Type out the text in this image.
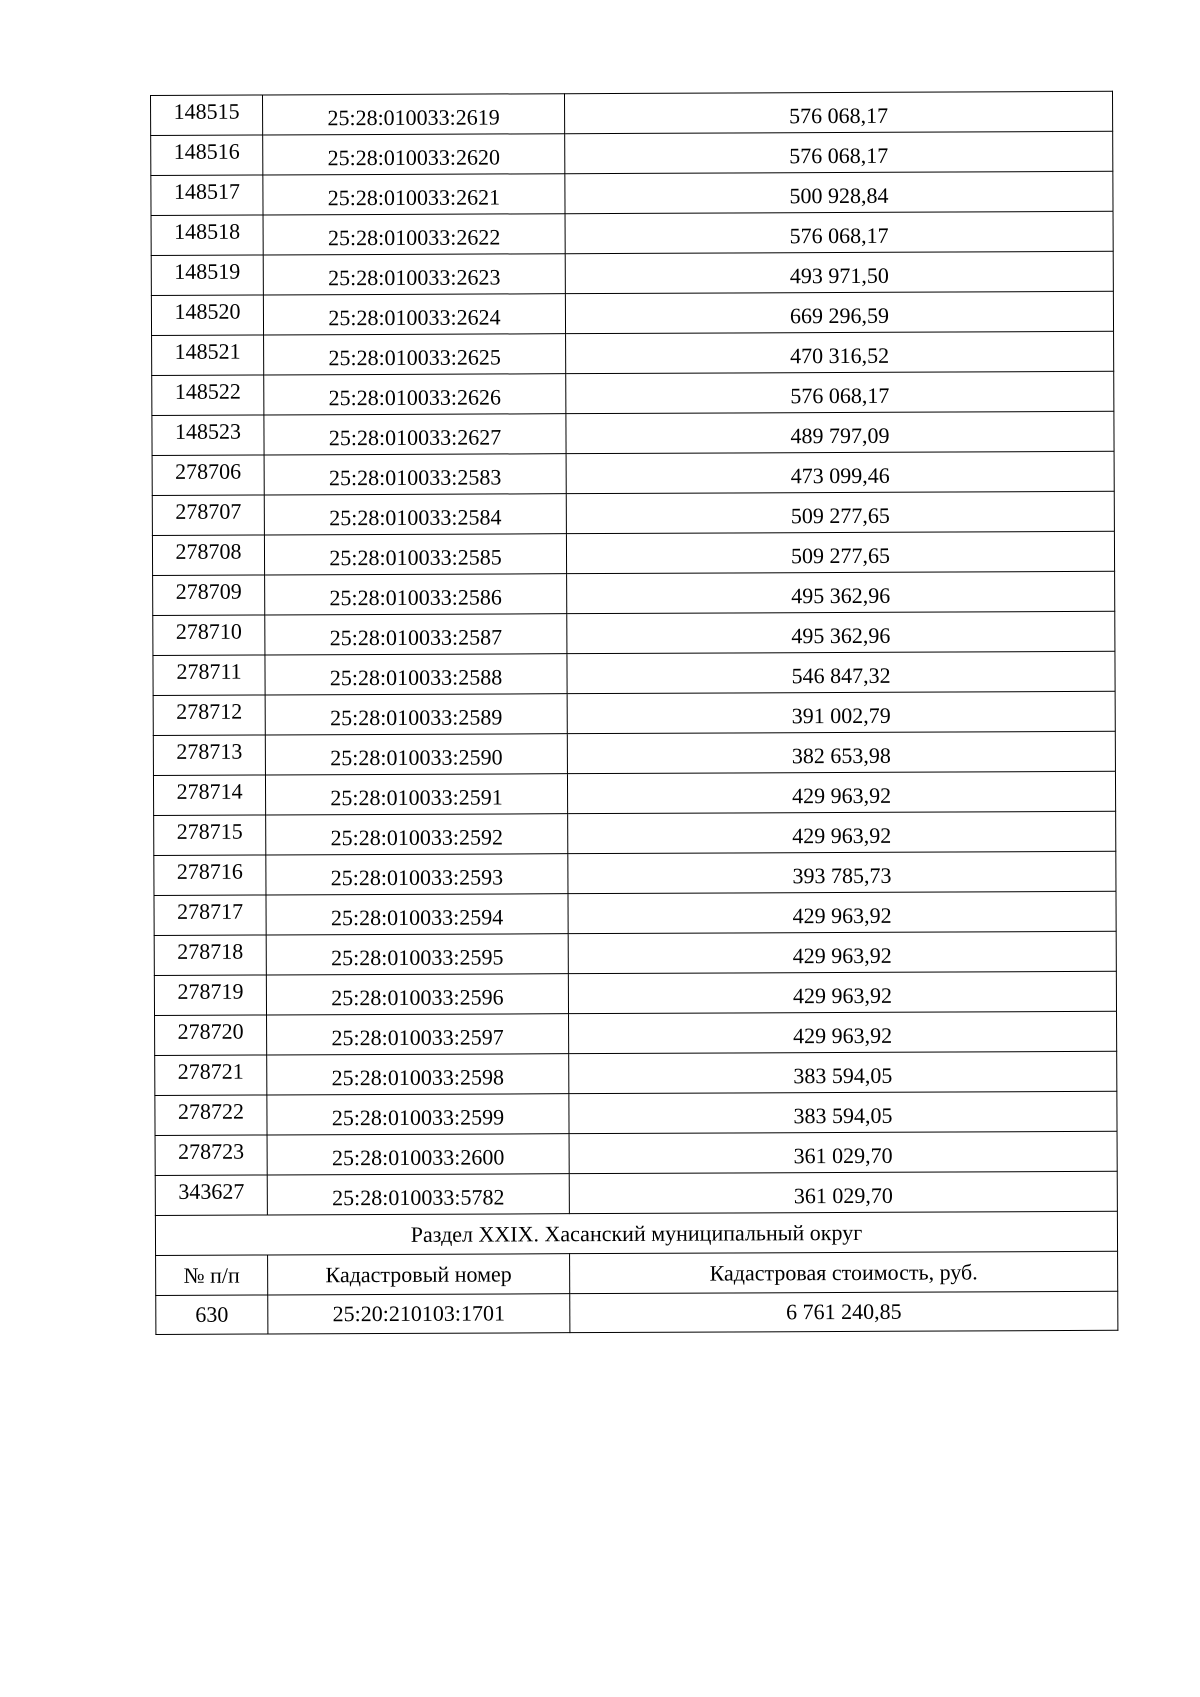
148515	25:28:010033:2619	576 068,17
148516	25:28:010033:2620	576 068,17
148517	25:28:010033:2621	500 928,84
148518	25:28:010033:2622	576 068,17
148519	25:28:010033:2623	493 971,50
148520	25:28:010033:2624	669 296,59
148521	25:28:010033:2625	470 316,52
148522	25:28:010033:2626	576 068,17
148523	25:28:010033:2627	489 797,09
278706	25:28:010033:2583	473 099,46
278707	25:28:010033:2584	509 277,65
278708	25:28:010033:2585	509 277,65
278709	25:28:010033:2586	495 362,96
278710	25:28:010033:2587	495 362,96
278711	25:28:010033:2588	546 847,32
278712	25:28:010033:2589	391 002,79
278713	25:28:010033:2590	382 653,98
278714	25:28:010033:2591	429 963,92
278715	25:28:010033:2592	429 963,92
278716	25:28:010033:2593	393 785,73
278717	25:28:010033:2594	429 963,92
278718	25:28:010033:2595	429 963,92
278719	25:28:010033:2596	429 963,92
278720	25:28:010033:2597	429 963,92
278721	25:28:010033:2598	383 594,05
278722	25:28:010033:2599	383 594,05
278723	25:28:010033:2600	361 029,70
343627	25:28:010033:5782	361 029,70
Раздел XXIX. Хасанский муниципальный округ		
№ п/п	Кадастровый номер	Кадастровая стоимость, руб.
630	25:20:210103:1701	6 761 240,85
